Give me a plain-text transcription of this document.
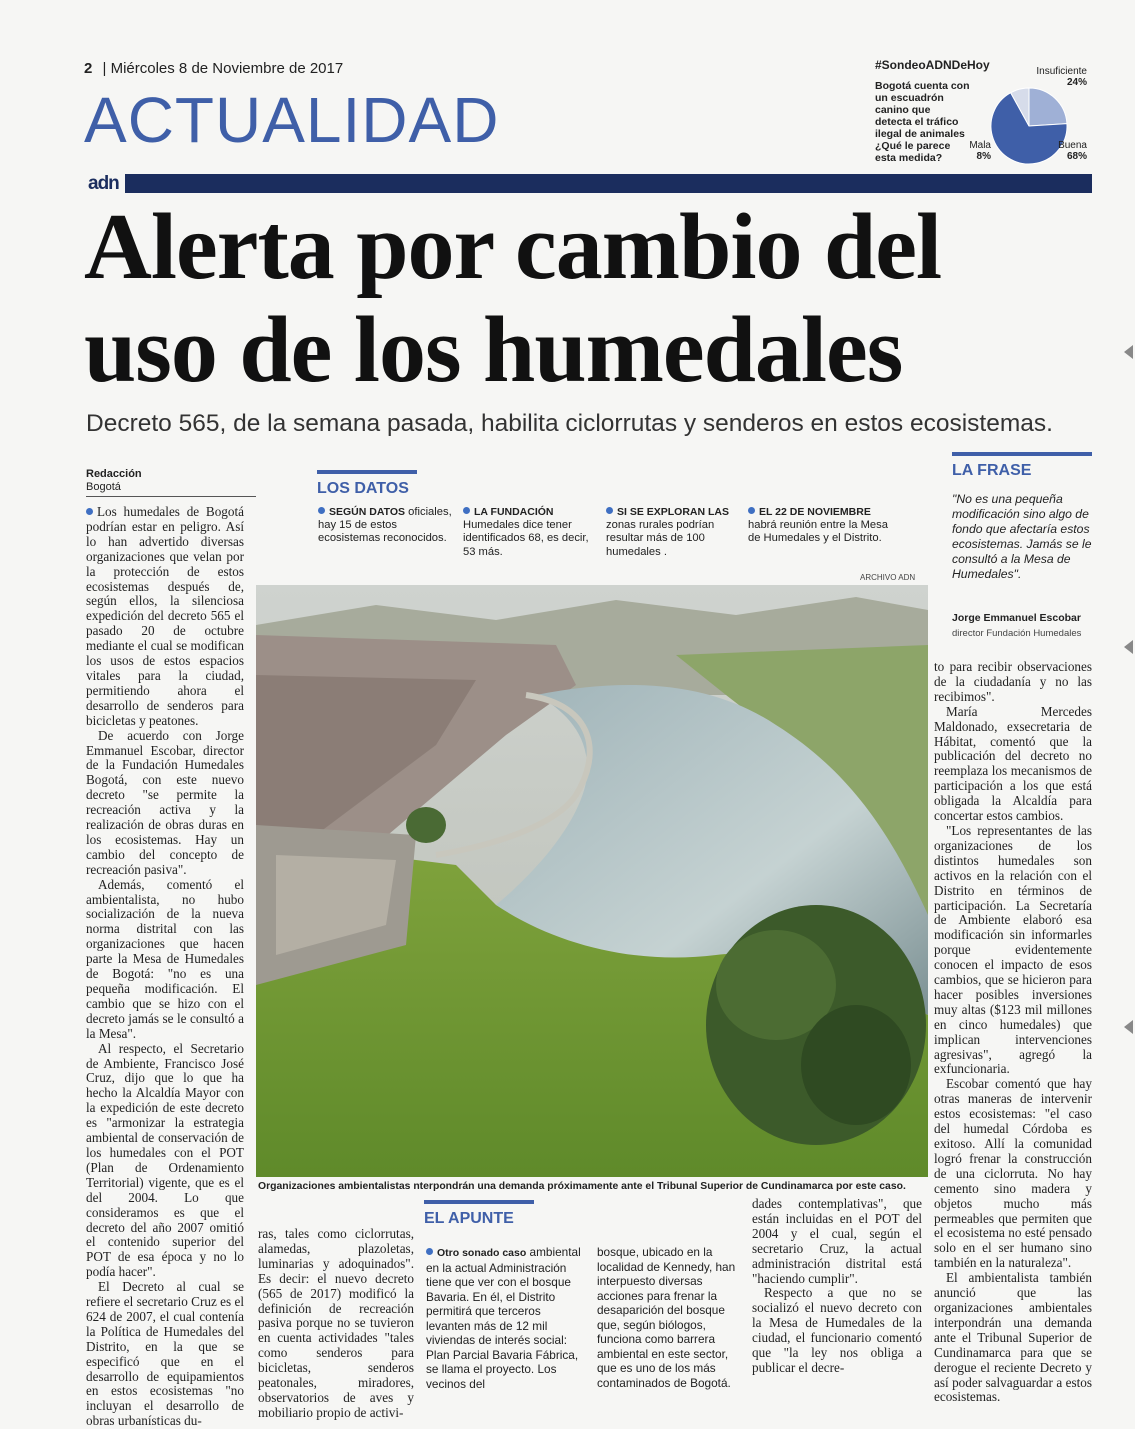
2 | Miércoles 8 de Noviembre de 2017
ACTUALIDAD
#SondeoADNDeHoy
Bogotá cuenta con un escuadrón canino que detecta el tráfico ilegal de animales ¿Qué le parece esta medida?
Insuficiente
24%
Buena
68%
Mala
8%
adn
Alerta por cambio del uso de los humedales
Decreto 565, de la semana pasada, habilita ciclorrutas y senderos en estos ecosistemas.
Redacción
Bogotá

Los humedales de Bogotá podrían estar en peligro. Así lo han advertido diversas organizaciones que velan por la protección de estos ecosistemas después de, según ellos, la silenciosa expedición del decreto 565 el pasado 20 de octubre mediante el cual se modifican los usos de estos espacios vitales para la ciudad, permitiendo ahora el desarrollo de senderos para bicicletas y peatones.

De acuerdo con Jorge Emmanuel Escobar, director de la Fundación Humedales Bogotá, con este nuevo decreto "se permite la recreación activa y la realización de obras duras en los ecosistemas. Hay un cambio del concepto de recreación pasiva".

Además, comentó el ambientalista, no hubo socialización de la nueva norma distrital con las organizaciones que hacen parte la Mesa de Humedales de Bogotá: "no es una pequeña modificación. El cambio que se hizo con el decreto jamás se le consultó a la Mesa".

Al respecto, el Secretario de Ambiente, Francisco José Cruz, dijo que lo que ha hecho la Alcaldía Mayor con la expedición de este decreto es "armonizar la estrategia ambiental de conservación de los humedales con el POT (Plan de Ordenamiento Territorial) vigente, que es el del 2004. Lo que consideramos es que el decreto del año 2007 omitió el contenido superior del POT de esa época y no lo podía hacer".

El Decreto al cual se refiere el secretario Cruz es el 624 de 2007, el cual contenía la Política de Humedales del Distrito, en la que se especificó que en el desarrollo de equipamientos en estos ecosistemas "no incluyan el desarrollo de obras urbanísticas du-

LOS DATOS
SEGÚN DATOS oficiales, hay 15 de estos ecosistemas reconocidos.
LA FUNDACIÓN Humedales dice tener identificados 68, es decir, 53 más.
SI SE EXPLORAN LAS zonas rurales podrían resultar más de 100 humedales .
EL 22 DE NOVIEMBRE habrá reunión entre la Mesa de Humedales y el Distrito.
LA FRASE
"No es una pequeña modificación sino algo de fondo que afectaría estos ecosistemas. Jamás se le consultó a la Mesa de Humedales".
Jorge Emmanuel Escobar
director Fundación Humedales
ARCHIVO ADN
Organizaciones ambientalistas nterpondrán una demanda próximamente ante el Tribunal Superior de Cundinamarca por este caso.

ras, tales como ciclorrutas, alamedas, plazoletas, luminarias y adoquinados". Es decir: el nuevo decreto (565 de 2017) modificó la definición de recreación pasiva porque no se tuvieron en cuenta actividades "tales como senderos para bicicletas, senderos peatonales, miradores, observatorios de aves y mobiliario propio de activi-

EL APUNTE
Otro sonado caso ambiental en la actual Administración tiene que ver con el bosque Bavaria. En él, el Distrito permitirá que terceros levanten más de 12 mil viviendas de interés social: Plan Parcial Bavaria Fábrica, se llama el proyecto. Los vecinos del
bosque, ubicado en la localidad de Kennedy, han interpuesto diversas acciones para frenar la desaparición del bosque que, según biólogos, funciona como barrera ambiental en este sector, que es uno de los más contaminados de Bogotá.

dades contemplativas", que están incluidas en el POT del 2004 y el cual, según el secretario Cruz, la actual administración distrital está "haciendo cumplir".

Respecto a que no se socializó el nuevo decreto con la Mesa de Humedales de la ciudad, el funcionario comentó que "la ley nos obliga a publicar el decre-

to para recibir observaciones de la ciudadanía y no las recibimos".

María Mercedes Maldonado, exsecretaria de Hábitat, comentó que la publicación del decreto no reemplaza los mecanismos de participación a los que está obligada la Alcaldía para concertar estos cambios.

"Los representantes de las organizaciones de los distintos humedales son activos en la relación con el Distrito en términos de participación. La Secretaría de Ambiente elaboró esa modificación sin informarles porque evidentemente conocen el impacto de esos cambios, que se hicieron para hacer posibles inversiones muy altas ($123 mil millones en cinco humedales) que implican intervenciones agresivas", agregó la exfuncionaria.

Escobar comentó que hay otras maneras de intervenir estos ecosistemas: "el caso del humedal Córdoba es exitoso. Allí la comunidad logró frenar la construcción de una ciclorruta. No hay cemento sino madera y objetos mucho más permeables que permiten que el ecosistema no esté pensado solo en el ser humano sino también en la naturaleza".

El ambientalista también anunció que las organizaciones ambientales interpondrán una demanda ante el Tribunal Superior de Cundinamarca para que se derogue el reciente Decreto y así poder salvaguardar a estos ecosistemas.
